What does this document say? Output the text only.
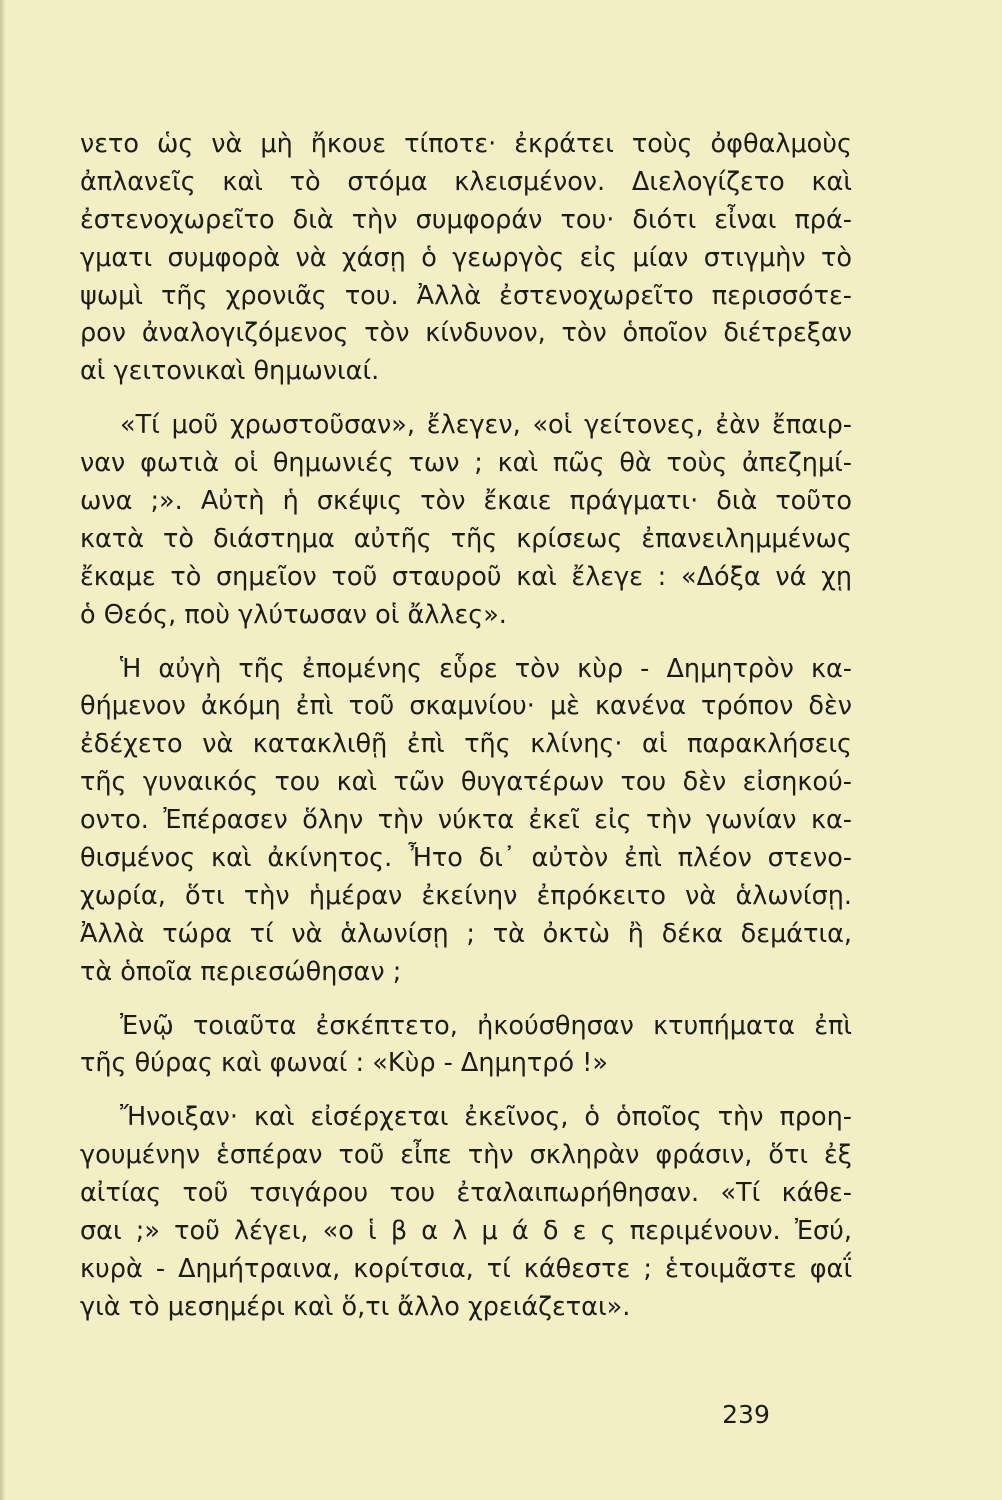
νετο ὡς νὰ μὴ ἤκουε τίποτε· ἐκράτει τοὺς ὀφθαλμοὺς
ἀπλανεῖς καὶ τὸ στόμα κλεισμένον. Διελογίζετο καὶ
ἐστενοχωρεῖτο διὰ τὴν συμφοράν του· διότι εἶναι πρά-
γματι συμφορὰ νὰ χάσῃ ὁ γεωργὸς εἰς μίαν στιγμὴν τὸ
ψωμὶ τῆς χρονιᾶς του. Ἀλλὰ ἐστενοχωρεῖτο περισσότε-
ρον ἀναλογιζόμενος τὸν κίνδυνον, τὸν ὁποῖον διέτρεξαν
αἱ γειτονικαὶ θημωνιαί.
«Τί μοῦ χρωστοῦσαν», ἔλεγεν, «οἱ γείτονες, ἐὰν ἔπαιρ-
ναν φωτιὰ οἱ θημωνιές των ; καὶ πῶς θὰ τοὺς ἀπεζημί-
ωνα ;». Αὐτὴ ἡ σκέψις τὸν ἔκαιε πράγματι· διὰ τοῦτο
κατὰ τὸ διάστημα αὐτῆς τῆς κρίσεως ἐπανειλημμένως
ἔκαμε τὸ σημεῖον τοῦ σταυροῦ καὶ ἔλεγε : «Δόξα νά χῃ
ὁ Θεός, ποὺ γλύτωσαν οἱ ἄλλες».
Ἡ αὐγὴ τῆς ἐπομένης εὗρε τὸν κὺρ - Δημητρὸν κα-
θήμενον ἀκόμη ἐπὶ τοῦ σκαμνίου· μὲ κανένα τρόπον δὲν
ἐδέχετο νὰ κατακλιθῇ ἐπὶ τῆς κλίνης· αἱ παρακλήσεις
τῆς γυναικός του καὶ τῶν θυγατέρων του δὲν εἰσηκού-
οντο. Ἐπέρασεν ὅλην τὴν νύκτα ἐκεῖ εἰς τὴν γωνίαν κα-
θισμένος καὶ ἀκίνητος. Ἦτο δι᾽ αὐτὸν ἐπὶ πλέον στενο-
χωρία, ὅτι τὴν ἡμέραν ἐκείνην ἐπρόκειτο νὰ ἁλωνίσῃ.
Ἀλλὰ τώρα τί νὰ ἁλωνίσῃ ; τὰ ὀκτὼ ἢ δέκα δεμάτια,
τὰ ὁποῖα περιεσώθησαν ;
Ἐνῷ τοιαῦτα ἐσκέπτετο, ἠκούσθησαν κτυπήματα ἐπὶ
τῆς θύρας καὶ φωναί : «Κὺρ - Δημητρό !»
Ἤνοιξαν· καὶ εἰσέρχεται ἐκεῖνος, ὁ ὁποῖος τὴν προη-
γουμένην ἑσπέραν τοῦ εἶπε τὴν σκληρὰν φράσιν, ὅτι ἐξ
αἰτίας τοῦ τσιγάρου του ἐταλαιπωρήθησαν. «Τί κάθε-
σαι ;» τοῦ λέγει, «ο ἱ β α λ μ ά δ ε ς περιμένουν. Ἐσύ,
κυρὰ - Δημήτραινα, κορίτσια, τί κάθεστε ; ἑτοιμᾶστε φαΐ
γιὰ τὸ μεσημέρι καὶ ὅ,τι ἄλλο χρειάζεται».
239
